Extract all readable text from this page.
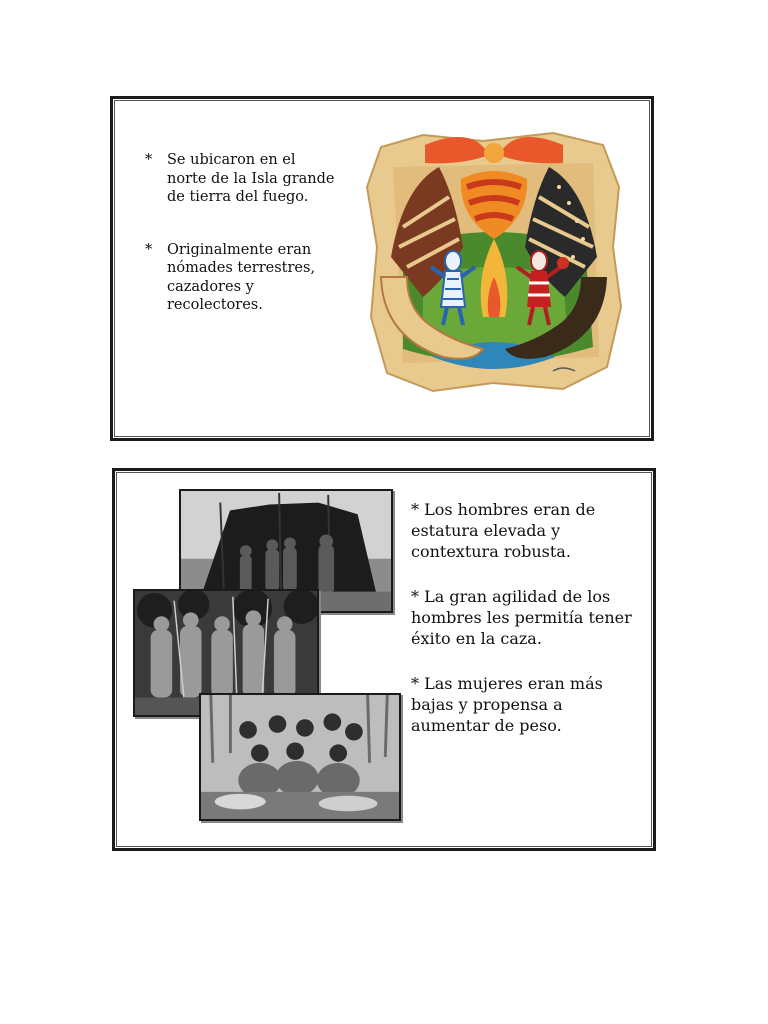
* Se ubicaron en el norte de la Isla grande de tierra del fuego.
* Originalmente eran nómades terrestres, cazadores y recolectores.
* Los hombres eran de estatura elevada y contextura robusta.
* La gran agilidad de los hombres les permitía tener éxito en la caza.
* Las mujeres eran más bajas y propensa a aumentar de peso.
